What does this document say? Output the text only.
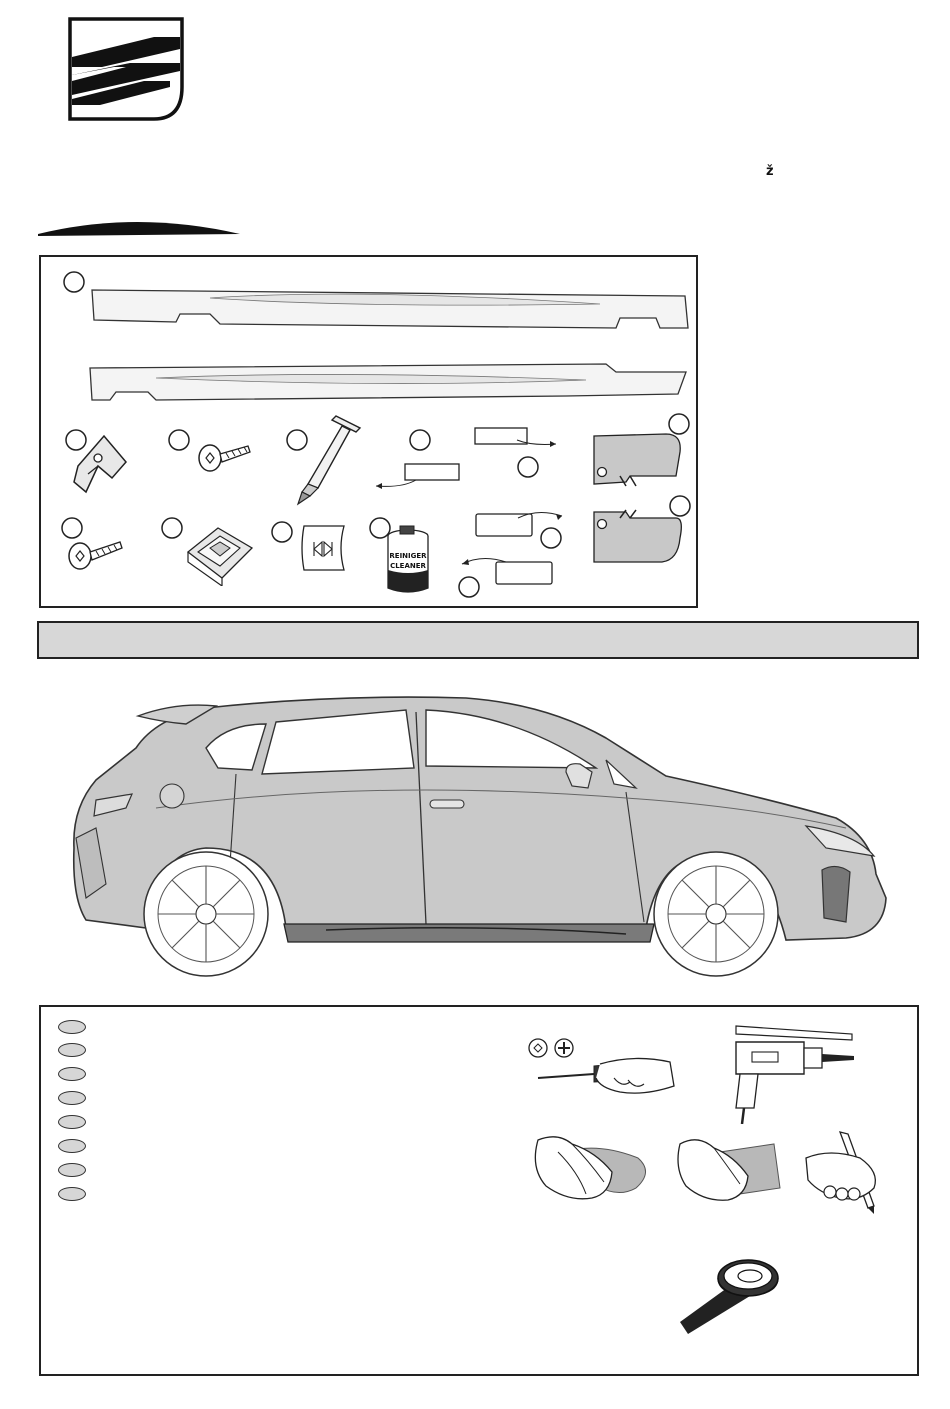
ž
REINIGER
CLEANER
